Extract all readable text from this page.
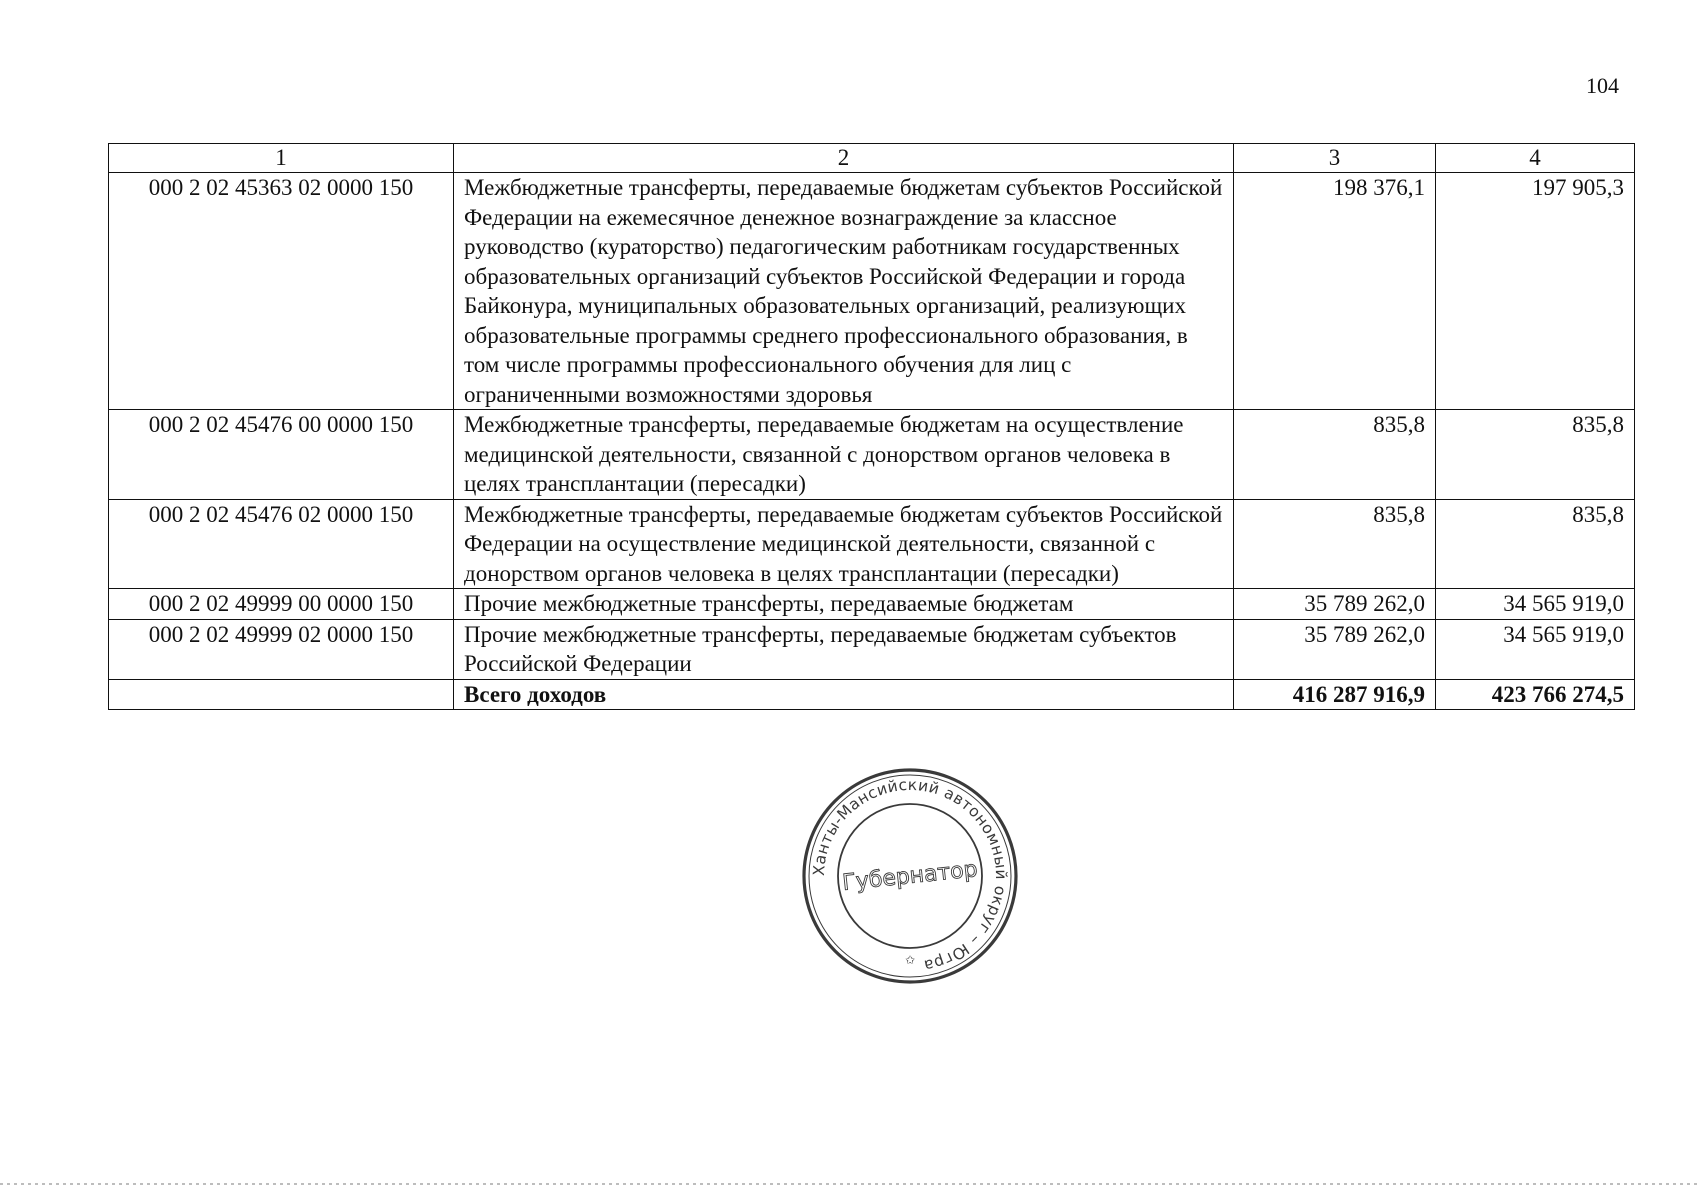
104
1	2	3	4
000 2 02 45363 02 0000 150	Межбюджетные трансферты, передаваемые бюджетам субъектов Российской Федерации на ежемесячное денежное вознаграждение за классное руководство (кураторство) педагогическим работникам государственных образовательных организаций субъектов Российской Федерации и города Байконура, муниципальных образовательных организаций, реализующих образовательные программы среднего профессионального образования, в том числе программы профессионального обучения для лиц с ограниченными возможностями здоровья	198 376,1	197 905,3
000 2 02 45476 00 0000 150	Межбюджетные трансферты, передаваемые бюджетам на осуществление медицинской деятельности, связанной с донорством органов человека в целях трансплантации (пересадки)	835,8	835,8
000 2 02 45476 02 0000 150	Межбюджетные трансферты, передаваемые бюджетам субъектов Российской Федерации на осуществление медицинской деятельности, связанной с донорством органов человека в целях трансплантации (пересадки)	835,8	835,8
000 2 02 49999 00 0000 150	Прочие межбюджетные трансферты, передаваемые бюджетам	35 789 262,0	34 565 919,0
000 2 02 49999 02 0000 150	Прочие межбюджетные трансферты, передаваемые бюджетам субъектов Российской Федерации	35 789 262,0	34 565 919,0
	Всего доходов	416 287 916,9	423 766 274,5
Ханты-Мансийский автономный округ – Югра
Губернатор
✩
